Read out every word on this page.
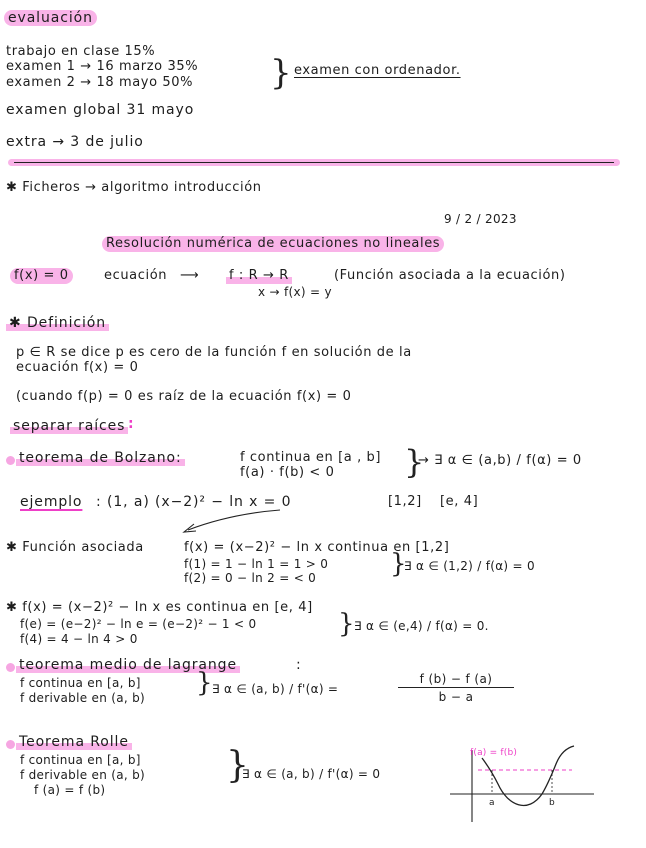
evaluación
trabajo en clase 15%
examen 1 → 16 marzo 35%
examen 2 → 18 mayo 50% } examen con ordenador.
examen global 31 mayo
extra → 3 de julio
✱ Ficheros → algoritmo introducción
9 / 2 / 2023
Resolución numérica de ecuaciones no lineales
f(x) = 0	ecuación ⟶ f : R → R
x → f(x) = y
(Función asociada a la ecuación)
✱ Definición
p ∈ R se dice p es cero de la función f en solución de la
ecuación f(x) = 0
(cuando f(p) = 0 es raíz de la ecuación f(x) = 0
separar raíces :
teorema de Bolzano:	f continua en [a , b]
f(a) · f(b) < 0 }
→ ∃ α ∈ (a,b) / f(α) = 0
ejemplo : (1, a) (x−2)² − ln x = 0	[1,2] [e, 4]
✱ Función asociada	f(x) = (x−2)² − ln x continua en [1,2]
f(1) = 1 − ln 1 = 1 > 0
f(2) = 0 − ln 2 = < 0	}
∃ α ∈ (1,2) / f(α) = 0
✱ f(x) = (x−2)² − ln x es continua en [e, 4]
f(e) = (e−2)² − ln e = (e−2)² − 1 < 0
f(4) = 4 − ln 4 > 0	} ∃ α ∈ (e,4) / f(α) = 0.
teorema medio de lagrange	:
f continua en [a, b]
f derivable en (a, b) } ∃ α ∈ (a, b) / f'(α) =	$\frac{f (b) - f (a)}{b - a}$
Teorema Rolle
f continua en [a, b]
f derivable en (a, b)
f (a) = f (b)
}
∃ α ∈ (a, b) / f'(α) = 0
f(a) = f(b)
a	b
